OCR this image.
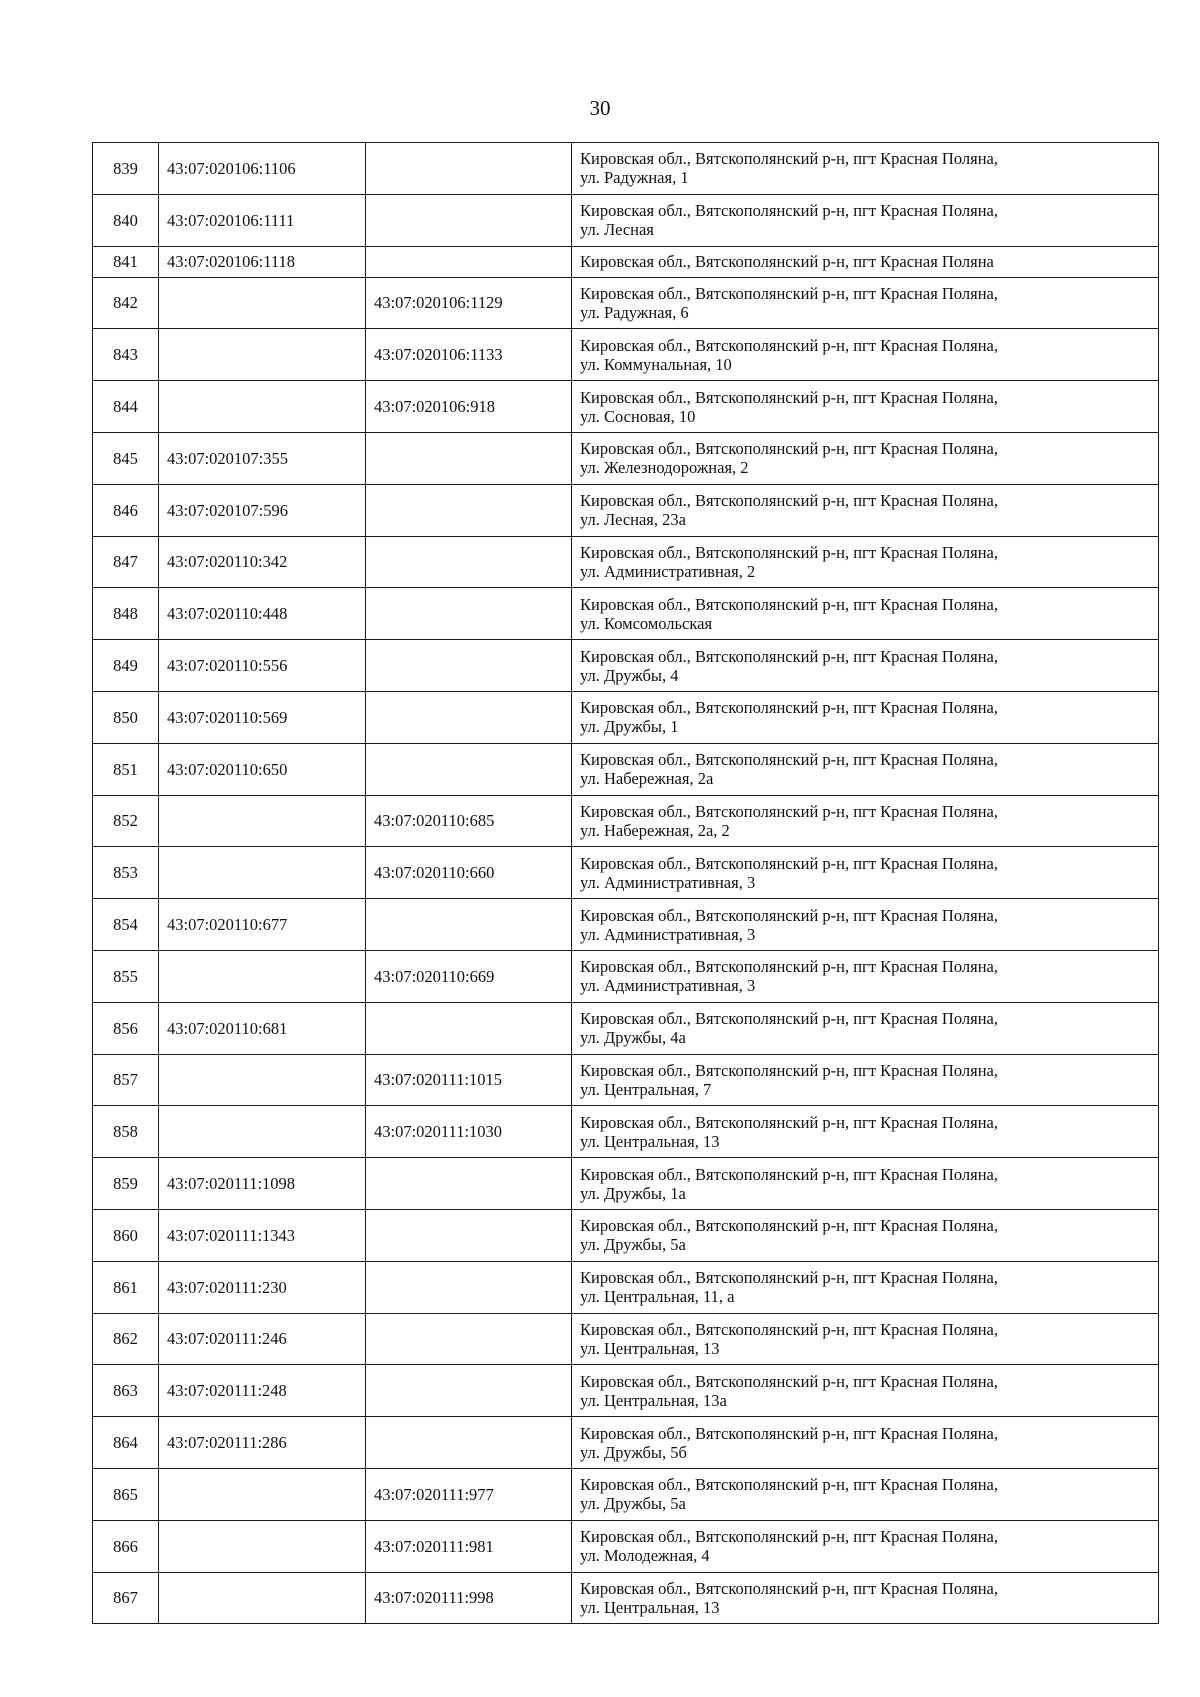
30
839	43:07:020106:1106		Кировская обл., Вятскополянский р-н, пгт Красная Поляна,
ул. Радужная, 1

840	43:07:020106:1111		Кировская обл., Вятскополянский р-н, пгт Красная Поляна,
ул. Лесная

841	43:07:020106:1118		Кировская обл., Вятскополянский р-н, пгт Красная Поляна

842		43:07:020106:1129	Кировская обл., Вятскополянский р-н, пгт Красная Поляна,
ул. Радужная, 6

843		43:07:020106:1133	Кировская обл., Вятскополянский р-н, пгт Красная Поляна,
ул. Коммунальная, 10

844		43:07:020106:918	Кировская обл., Вятскополянский р-н, пгт Красная Поляна,
ул. Сосновая, 10

845	43:07:020107:355		Кировская обл., Вятскополянский р-н, пгт Красная Поляна,
ул. Железнодорожная, 2

846	43:07:020107:596		Кировская обл., Вятскополянский р-н, пгт Красная Поляна,
ул. Лесная, 23а

847	43:07:020110:342		Кировская обл., Вятскополянский р-н, пгт Красная Поляна,
ул. Административная, 2

848	43:07:020110:448		Кировская обл., Вятскополянский р-н, пгт Красная Поляна,
ул. Комсомольская

849	43:07:020110:556		Кировская обл., Вятскополянский р-н, пгт Красная Поляна,
ул. Дружбы, 4

850	43:07:020110:569		Кировская обл., Вятскополянский р-н, пгт Красная Поляна,
ул. Дружбы, 1

851	43:07:020110:650		Кировская обл., Вятскополянский р-н, пгт Красная Поляна,
ул. Набережная, 2а

852		43:07:020110:685	Кировская обл., Вятскополянский р-н, пгт Красная Поляна,
ул. Набережная, 2а, 2

853		43:07:020110:660	Кировская обл., Вятскополянский р-н, пгт Красная Поляна,
ул. Административная, 3

854	43:07:020110:677		Кировская обл., Вятскополянский р-н, пгт Красная Поляна,
ул. Административная, 3

855		43:07:020110:669	Кировская обл., Вятскополянский р-н, пгт Красная Поляна,
ул. Административная, 3

856	43:07:020110:681		Кировская обл., Вятскополянский р-н, пгт Красная Поляна,
ул. Дружбы, 4а

857		43:07:020111:1015	Кировская обл., Вятскополянский р-н, пгт Красная Поляна,
ул. Центральная, 7

858		43:07:020111:1030	Кировская обл., Вятскополянский р-н, пгт Красная Поляна,
ул. Центральная, 13

859	43:07:020111:1098		Кировская обл., Вятскополянский р-н, пгт Красная Поляна,
ул. Дружбы, 1а

860	43:07:020111:1343		Кировская обл., Вятскополянский р-н, пгт Красная Поляна,
ул. Дружбы, 5а

861	43:07:020111:230		Кировская обл., Вятскополянский р-н, пгт Красная Поляна,
ул. Центральная, 11, а

862	43:07:020111:246		Кировская обл., Вятскополянский р-н, пгт Красная Поляна,
ул. Центральная, 13

863	43:07:020111:248		Кировская обл., Вятскополянский р-н, пгт Красная Поляна,
ул. Центральная, 13а

864	43:07:020111:286		Кировская обл., Вятскополянский р-н, пгт Красная Поляна,
ул. Дружбы, 5б

865		43:07:020111:977	Кировская обл., Вятскополянский р-н, пгт Красная Поляна,
ул. Дружбы, 5а

866		43:07:020111:981	Кировская обл., Вятскополянский р-н, пгт Красная Поляна,
ул. Молодежная, 4

867		43:07:020111:998	Кировская обл., Вятскополянский р-н, пгт Красная Поляна,
ул. Центральная, 13
